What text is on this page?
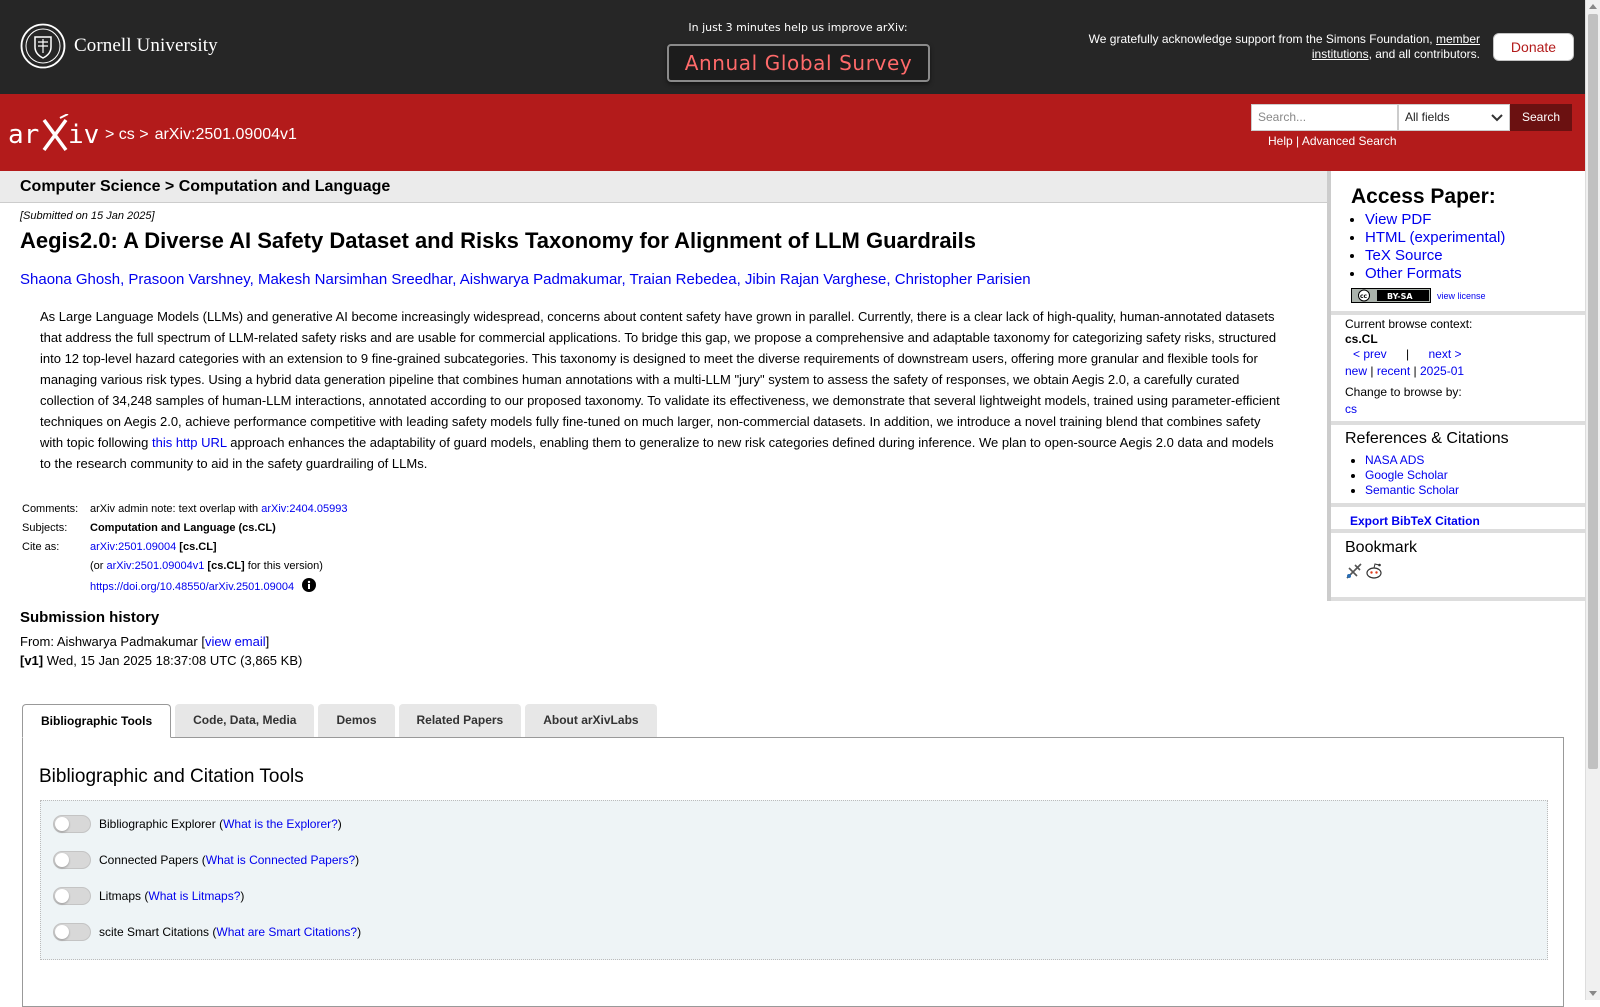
Cornell University
In just 3 minutes help us improve arXiv:
Annual Global Survey
We gratefully acknowledge support from the Simons Foundation, member institutions, and all contributors.	Donate
ar iv > cs > arXiv:2501.09004v1
Search...	All fields	Search
Help | Advanced Search
Computer Science > Computation and Language
[Submitted on 15 Jan 2025]
Aegis2.0: A Diverse AI Safety Dataset and Risks Taxonomy for Alignment of LLM Guardrails
Shaona Ghosh, Prasoon Varshney, Makesh Narsimhan Sreedhar, Aishwarya Padmakumar, Traian Rebedea, Jibin Rajan Varghese, Christopher Parisien

As Large Language Models (LLMs) and generative AI become increasingly widespread, concerns about content safety have grown in parallel. Currently, there is a clear lack of high-quality, human-annotated datasets that address the full spectrum of LLM-related safety risks and are usable for commercial applications. To bridge this gap, we propose a comprehensive and adaptable taxonomy for categorizing safety risks, structured into 12 top-level hazard categories with an extension to 9 fine-grained subcategories. This taxonomy is designed to meet the diverse requirements of downstream users, offering more granular and flexible tools for managing various risk types. Using a hybrid data generation pipeline that combines human annotations with a multi-LLM "jury" system to assess the safety of responses, we obtain Aegis 2.0, a carefully curated collection of 34,248 samples of human-LLM interactions, annotated according to our proposed taxonomy. To validate its effectiveness, we demonstrate that several lightweight models, trained using parameter-efficient techniques on Aegis 2.0, achieve performance competitive with leading safety models fully fine-tuned on much larger, non-commercial datasets. In addition, we introduce a novel training blend that combines safety with topic following this http URL approach enhances the adaptability of guard models, enabling them to generalize to new risk categories defined during inference. We plan to open-source Aegis 2.0 data and models to the research community to aid in the safety guardrailing of LLMs.

Comments:	arXiv admin note: text overlap with arXiv:2404.05993
Subjects:	Computation and Language (cs.CL)
Cite as:	arXiv:2501.09004 [cs.CL]
	(or arXiv:2501.09004v1 [cs.CL] for this version)
	https://doi.org/10.48550/arXiv.2501.09004
Submission history
From: Aishwarya Padmakumar [view email]
[v1] Wed, 15 Jan 2025 18:37:08 UTC (3,865 KB)
Bibliographic Tools	Code, Data, Media	Demos	Related Papers	About arXivLabs
Bibliographic and Citation Tools
Bibliographic Explorer ( What is the Explorer? )
Connected Papers ( What is Connected Papers? )
Litmaps ( What is Litmaps? )
scite Smart Citations ( What are Smart Citations? )
Access Paper:
• View PDF
• HTML (experimental)
• TeX Source
• Other Formats
cc BY-SA	view license
Current browse context:
cs.CL
< prev | next >
new | recent | 2025-01
Change to browse by:
cs
References & Citations
• NASA ADS
• Google Scholar
• Semantic Scholar
Export BibTeX Citation
Bookmark
